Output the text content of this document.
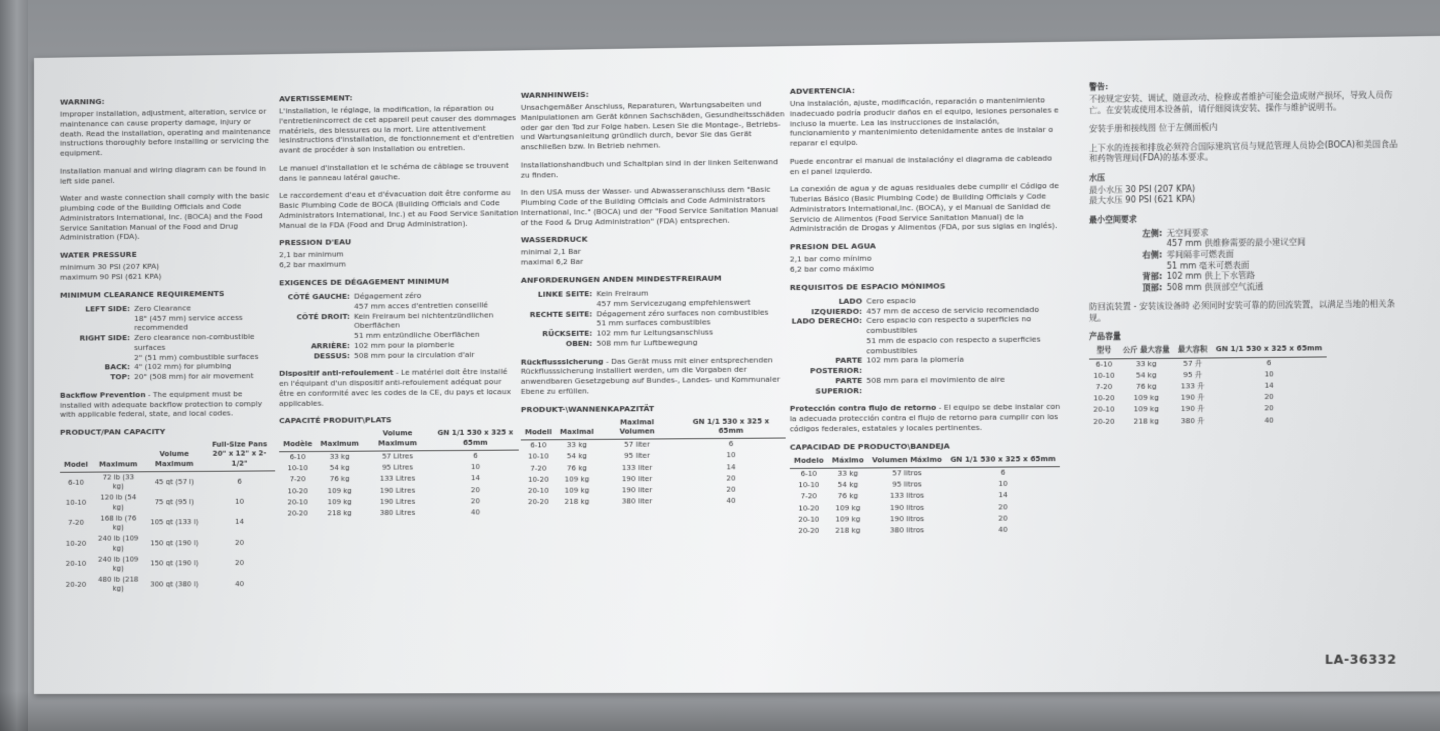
WARNING:

Improper installation, adjustment, alteration, service or maintenance can cause property damage, injury or death. Read the installation, operating and maintenance instructions thoroughly before installing or servicing the equipment.

Installation manual and wiring diagram can be found in left side panel.

Water and waste connection shall comply with the basic plumbing code of the Building Officials and Code Administrators International, Inc. (BOCA) and the Food Service Sanitation Manual of the Food and Drug Administration (FDA).

WATER PRESSURE

minimum 30 PSI (207 KPA)
maximum 90 PSI (621 KPA)

MINIMUM CLEARANCE REQUIREMENTS
LEFT SIDE: Zero Clearance
18" (457 mm) service access recommended
RIGHT SIDE: Zero clearance non-combustible surfaces
2" (51 mm) combustible surfaces
BACK: 4" (102 mm) for plumbing
TOP: 20" (508 mm) for air movement

Backflow Prevention - The equipment must be installed with adequate backflow protection to comply with applicable federal, state, and local codes.

PRODUCT/PAN CAPACITY
Model	Maximum	Volume Maximum	Full-Size Pans 20" x 12" x 2-1/2"
6-10	72 lb (33 kg)	45 qt (57 l)	6
10-10	120 lb (54 kg)	75 qt (95 l)	10
7-20	168 lb (76 kg)	105 qt (133 l)	14
10-20	240 lb (109 kg)	150 qt (190 l)	20
20-10	240 lb (109 kg)	150 qt (190 l)	20
20-20	480 lb (218 kg)	300 qt (380 l)	40
AVERTISSEMENT:

L'installation, le réglage, la modification, la réparation ou l'entretienincorrect de cet appareil peut causer des dommages matériels, des blessures ou la mort. Lire attentivement lesinstructions d'installation, de fonctionnement et d'entretien avant de procéder à son installation ou entretien.

Le manuel d'installation et le schéma de câblage se trouvent dans le panneau latéral gauche.

Le raccordement d'eau et d'évacuation doit être conforme au Basic Plumbing Code de BOCA (Building Officials and Code Administrators International, Inc.) et au Food Service Sanitation Manual de la FDA (Food and Drug Administration).

PRESSION D'EAU

2,1 bar minimum
6,2 bar maximum

EXIGENCES DE DÉGAGEMENT MINIMUM
CÔTÉ GAUCHE: Dégagement zéro
457 mm acces d'entretien conseillé
CÔTÉ DROIT: Kein Freiraum bei nichtentzündlichen Oberflächen
51 mm entzündliche Oberflächen
ARRIÈRE: 102 mm pour la plomberie
DESSUS: 508 mm pour la circulation d'air

Dispositif anti-refoulement - Le matériel doit être installé en l'équipant d'un dispositif anti-refoulement adéquat pour être en conformité avec les codes de la CE, du pays et locaux applicables.

CAPACITÉ PRODUIT\PLATS
Modèle	Maximum	Volume Maximum	GN 1/1 530 x 325 x 65mm
6-10	33 kg	57 Litres	6
10-10	54 kg	95 Litres	10
7-20	76 kg	133 Litres	14
10-20	109 kg	190 Litres	20
20-10	109 kg	190 Litres	20
20-20	218 kg	380 Litres	40
WARNHINWEIS:

Unsachgemäßer Anschluss, Reparaturen, Wartungsabeiten und Manipulationen am Gerät können Sachschäden, Gesundheitsschäden oder gar den Tod zur Folge haben. Lesen Sie die Montage-, Betriebs- und Wartungsanleitung gründlich durch, bevor Sie das Gerät anschließen bzw. In Betrieb nehmen.

Installationshandbuch und Schaltplan sind in der linken Seitenwand zu finden.

In den USA muss der Wasser- und Abwasseranschluss dem "Basic Plumbing Code of the Building Officials and Code Administrators International, Inc." (BOCA) und der "Food Service Sanitation Manual of the Food & Drug Administration" (FDA) entsprechen.

WASSERDRUCK

minimal 2,1 Bar
maximal 6,2 Bar

ANFORDERUNGEN ANDEN MINDESTFREIRAUM
LINKE SEITE: Kein Freiraum
457 mm Servicezugang empfehlenswert
RECHTE SEITE: Dégagement zéro surfaces non combustibles
51 mm surfaces combustibles
RÜCKSEITE: 102 mm fur Leitungsanschluss
OBEN: 508 mm fur Luftbewegung

Rückflusssicherung - Das Gerät muss mit einer entsprechenden Rückflusssicherung installiert werden, um die Vorgaben der anwendbaren Gesetzgebung auf Bundes-, Landes- und Kommunaler Ebene zu erfüllen.

PRODUKT-\WANNENKAPAZITÄT
Modell	Maximal	Maximal Volumen	GN 1/1 530 x 325 x 65mm
6-10	33 kg	57 liter	6
10-10	54 kg	95 liter	10
7-20	76 kg	133 liter	14
10-20	109 kg	190 liter	20
20-10	109 kg	190 liter	20
20-20	218 kg	380 liter	40
ADVERTENCIA:

Una instalación, ajuste, modificación, reparación o mantenimiento inadecuado podría producir daños en el equipo, lesiones personales e incluso la muerte. Lea las instrucciones de instalación, funcionamiento y mantenimiento detenidamente antes de instalar o reparar el equipo.

Puede encontrar el manual de instalacióny el diagrama de cableado en el panel izquierdo.

La conexión de agua y de aguas residuales debe cumplir el Código de Tuberias Básico (Basic Plumbing Code) de Building Officials y Code Administrators International,Inc. (BOCA), y el Manual de Sanidad de Servicio de Alimentos (Food Service Sanitation Manual) de la Administración de Drogas y Alimentos (FDA, por sus siglas en inglés).

PRESION DEL AGUA

2,1 bar como mínimo
6,2 bar como máximo

REQUISITOS DE ESPACIO MÓNIMOS
LADO IZQUIERDO:
Cero espacio
457 mm de acceso de servicio recomendado
LADO DERECHO: Cero espacio con respecto a superficies no combustibles
51 mm de espacio con respecto a superficies combustibles
PARTE POSTERIOR:
102 mm para la plomería
PARTE SUPERIOR:
508 mm para el movimiento de aire

Protección contra flujo de retorno - El equipo se debe instalar con la adecuada protección contra el flujo de retorno para cumplir con los códigos federales, estatales y locales pertinentes.

CAPACIDAD DE PRODUCTO\BANDEJA
Modelo	Máximo	Volumen Máximo	GN 1/1 530 x 325 x 65mm
6-10	33 kg	57 litros	6
10-10	54 kg	95 litros	10
7-20	76 kg	133 litros	14
10-20	109 kg	190 litros	20
20-10	109 kg	190 litros	20
20-20	218 kg	380 litros	40
警告:

不按规定安装、调试、随意改动、检修或者维护可能会造成财产损坏，导致人员伤亡。在安装或使用本设备前，请仔细阅读安装、操作与维护说明书。

安装手册和接线图 位于左侧面板内

上下水的连接和排放必须符合国际建筑官员与规范管理人员协会(BOCA)和美国食品和药物管理局(FDA)的基本要求。

水压

最小水压 30 PSI (207 KPA)
最大水压 90 PSI (621 KPA)

最小空间要求
左侧: 无空间要求
457 mm 供维修需要的最小建议空间
右侧: 零间隔非可燃表面
51 mm 毫米可燃表面
背部: 102 mm 供上下水管路
顶部: 508 mm 供顶部空气流通

防回流装置 - 安装该设备時 必须同时安装可靠的防回流装置，以满足当地的相关条规。

产品容量
型号	公斤 最大容量	最大容积	GN 1/1 530 x 325 x 65mm
6-10	33 kg	57 升	6
10-10	54 kg	95 升	10
7-20	76 kg	133 升	14
10-20	109 kg	190 升	20
20-10	109 kg	190 升	20
20-20	218 kg	380 升	40
LA-36332
